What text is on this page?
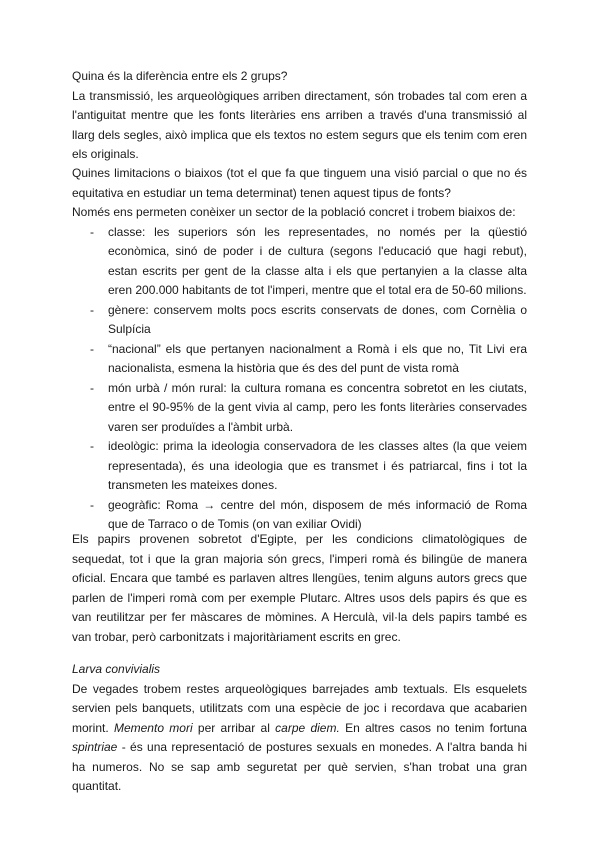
Quina és la diferència entre els 2 grups?

La transmissió, les arqueològiques arriben directament, són trobades tal com eren a l'antiguitat mentre que les fonts literàries ens arriben a través d'una transmissió al llarg dels segles, això implica que els textos no estem segurs que els tenim com eren els originals.

Quines limitacions o biaixos (tot el que fa que tinguem una visió parcial o que no és equitativa en estudiar un tema determinat) tenen aquest tipus de fonts?

Només ens permeten conèixer un sector de la població concret i trobem biaixos de:

- classe: les superiors són les representades, no només per la qüestió econòmica, sinó de poder i de cultura (segons l'educació que hagi rebut), estan escrits per gent de la classe alta i els que pertanyien a la classe alta eren 200.000 habitants de tot l'imperi, mentre que el total era de 50-60 milions.
- gènere: conservem molts pocs escrits conservats de dones, com Cornèlia o Sulpícia
- “nacional” els que pertanyen nacionalment a Romà i els que no, Tit Livi era nacionalista, esmena la història que és des del punt de vista romà
- món urbà / món rural: la cultura romana es concentra sobretot en les ciutats, entre el 90-95% de la gent vivia al camp, pero les fonts literàries conservades varen ser produïdes a l'àmbit urbà.
- ideològic: prima la ideologia conservadora de les classes altes (la que veiem representada), és una ideologia que es transmet i és patriarcal, fins i tot la transmeten les mateixes dones.
- geogràfic: Roma → centre del món, disposem de més informació de Roma que de Tarraco o de Tomis (on van exiliar Ovidi)

Els papirs provenen sobretot d'Egipte, per les condicions climatològiques de sequedat, tot i que la gran majoria són grecs, l'imperi romà és bilingüe de manera oficial. Encara que també es parlaven altres llengües, tenim alguns autors grecs que parlen de l'imperi romà com per exemple Plutarc. Altres usos dels papirs és que es van reutilitzar per fer màscares de mòmines. A Herculà, vil·la dels papirs també es van trobar, però carbonitzats i majoritàriament escrits en grec.

Larva convivialis

De vegades trobem restes arqueològiques barrejades amb textuals. Els esquelets servien pels banquets, utilitzats com una espècie de joc i recordava que acabarien morint. Memento mori per arribar al carpe diem. En altres casos no tenim fortuna spintriae - és una representació de postures sexuals en monedes. A l'altra banda hi ha numeros. No se sap amb seguretat per què servien, s'han trobat una gran quantitat.
